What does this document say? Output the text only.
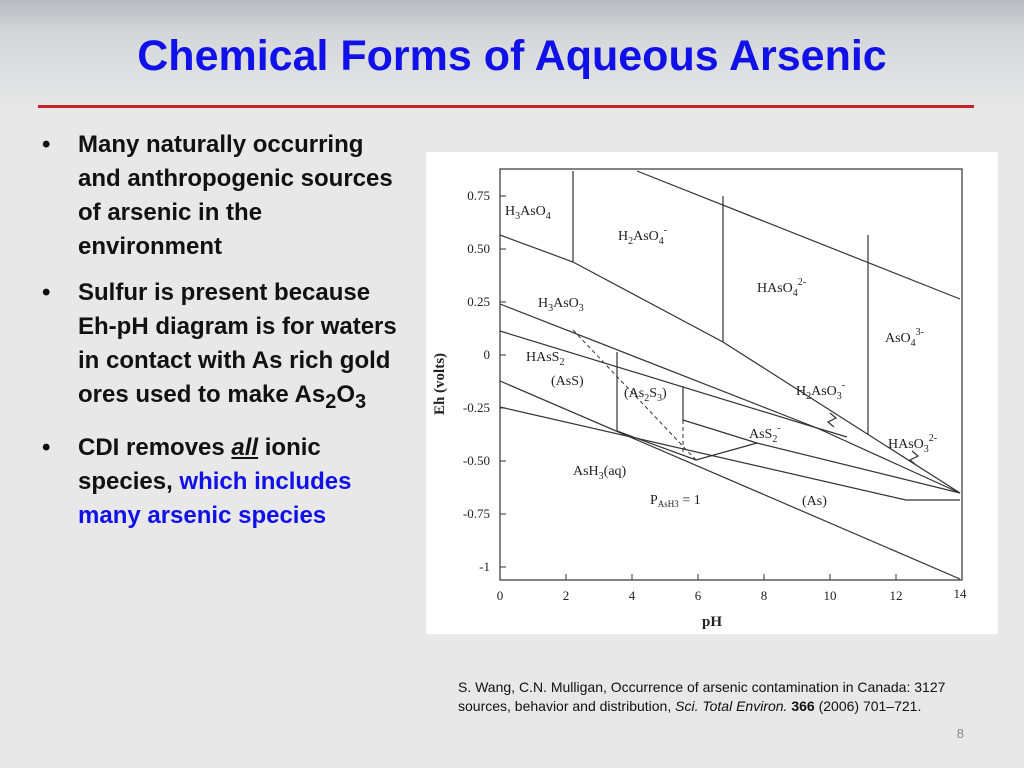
Chemical Forms of Aqueous Arsenic
• Many naturally occurring and anthropogenic sources of arsenic in the environment
• Sulfur is present because Eh-pH diagram is for waters in contact with As rich gold ores used to make $As_2O_3$
• CDI removes all ionic species, which includes many arsenic species
0.75
0.50
0.25
0
-0.25
-0.50
-0.75
-1
0	2	4	6	8	10	12	14
pH
Eh (volts)
$H_3AsO_4$
$H_2AsO_4^-$
HAsO$_4^{2-}$
AsO$_4^{3-}$
$H_3AsO_3$
$H_2AsO_3^-$
HAsO$_3^{2-}$
HAsS$_2$
(AsS)
$(As_2S_3)$
AsS$_2$-
AsH$_3$(aq)
$P_{AsH3} = 1$	(As)
S. Wang, C.N. Mulligan, Occurrence of arsenic contamination in Canada: 3127 sources, behavior and distribution, Sci. Total Environ. 366 (2006) 701–721.
8
